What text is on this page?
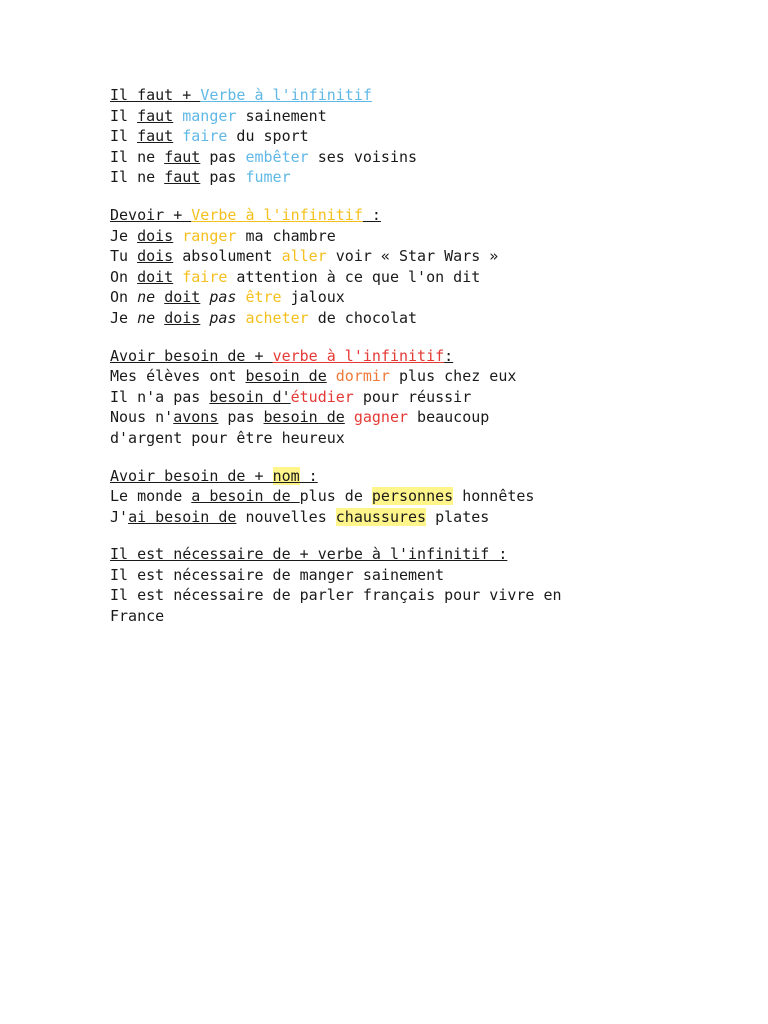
Il faut + Verbe à l'infinitif
Il faut manger sainement
Il faut faire du sport
Il ne faut pas embêter ses voisins
Il ne faut pas fumer
Devoir + Verbe à l'infinitif :
Je dois ranger ma chambre
Tu dois absolument aller voir « Star Wars »
On doit faire attention à ce que l'on dit
On ne doit pas être jaloux
Je ne dois pas acheter de chocolat
Avoir besoin de + verbe à l'infinitif:
Mes élèves ont besoin de dormir plus chez eux
Il n'a pas besoin d'étudier pour réussir
Nous n'avons pas besoin de gagner beaucoup
d'argent pour être heureux
Avoir besoin de + nom :
Le monde a besoin de plus de personnes honnêtes
J'ai besoin de nouvelles chaussures plates
Il est nécessaire de + verbe à l'infinitif :
Il est nécessaire de manger sainement
Il est nécessaire de parler français pour vivre en
France
